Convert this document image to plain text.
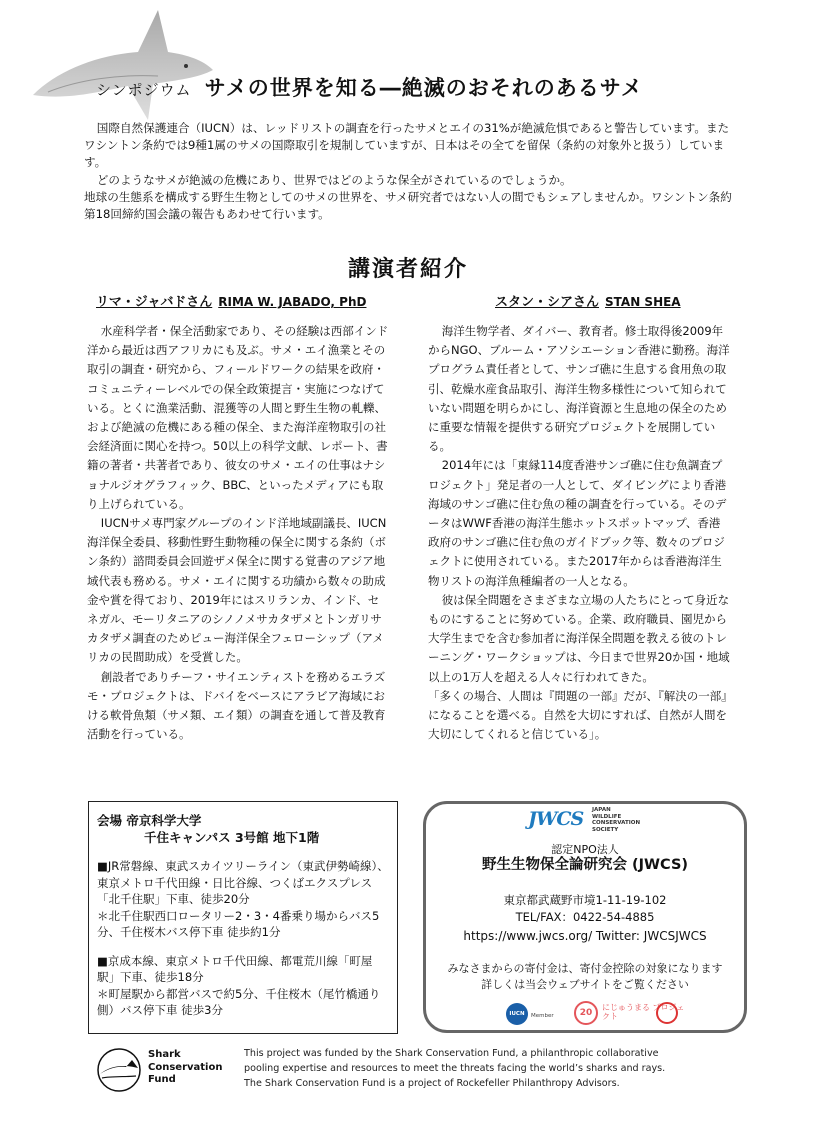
シンポジウム サメの世界を知る―絶滅のおそれのあるサメ

国際自然保護連合（IUCN）は、レッドリストの調査を行ったサメとエイの31%が絶滅危惧であると警告しています。またワシントン条約では9種1属のサメの国際取引を規制していますが、日本はその全てを留保（条約の対象外と扱う）しています。

どのようなサメが絶滅の危機にあり、世界ではどのような保全がされているのでしょうか。

地球の生態系を構成する野生生物としてのサメの世界を、サメ研究者ではない人の間でもシェアしませんか。ワシントン条約第18回締約国会議の報告もあわせて行います。

講演者紹介
リマ・ジャバドさん RIMA W. JABADO, PhD	スタン・シアさん STAN SHEA

水産科学者・保全活動家であり、その経験は西部インド洋から最近は西アフリカにも及ぶ。サメ・エイ漁業とその取引の調査・研究から、フィールドワークの結果を政府・コミュニティーレベルでの保全政策提言・実施につなげている。とくに漁業活動、混獲等の人間と野生生物の軋轢、および絶滅の危機にある種の保全、また海洋産物取引の社会経済面に関心を持つ。50以上の科学文献、レポート、書籍の著者・共著者であり、彼女のサメ・エイの仕事はナショナルジオグラフィック、BBC、といったメディアにも取り上げられている。

IUCNサメ専門家グループのインド洋地域副議長、IUCN海洋保全委員、移動性野生動物種の保全に関する条約（ボン条約）諮問委員会回遊ザメ保全に関する覚書のアジア地域代表も務める。サメ・エイに関する功績から数々の助成金や賞を得ており、2019年にはスリランカ、インド、セネガル、モーリタニアのシノノメサカタザメとトンガリサカタザメ調査のためピュー海洋保全フェローシップ（アメリカの民間助成）を受賞した。

創設者でありチーフ・サイエンティストを務めるエラズモ・プロジェクトは、ドバイをベースにアラビア海域における軟骨魚類（サメ類、エイ類）の調査を通して普及教育活動を行っている。

海洋生物学者、ダイバー、教育者。修士取得後2009年からNGO、ブルーム・アソシエーション香港に勤務。海洋プログラム責任者として、サンゴ礁に生息する食用魚の取引、乾燥水産食品取引、海洋生物多様性について知られていない問題を明らかにし、海洋資源と生息地の保全のために重要な情報を提供する研究プロジェクトを展開している。

2014年には「東縁114度香港サンゴ礁に住む魚調査プロジェクト」発足者の一人として、ダイビングにより香港海域のサンゴ礁に住む魚の種の調査を行っている。そのデータはWWF香港の海洋生態ホットスポットマップ、香港政府のサンゴ礁に住む魚のガイドブック等、数々のプロジェクトに使用されている。また2017年からは香港海洋生物リストの海洋魚種編者の一人となる。

彼は保全問題をさまざまな立場の人たちにとって身近なものにすることに努めている。企業、政府職員、園児から大学生までを含む参加者に海洋保全問題を教える彼のトレーニング・ワークショップは、今日まで世界20か国・地域以上の1万人を超える人々に行われてきた。

「多くの場合、人間は『問題の一部』だが、『解決の一部』になることを選べる。自然を大切にすれば、自然が人間を大切にしてくれると信じている」。

会場 帝京科学大学
千住キャンパス 3号館 地下1階

■JR常磐線、東武スカイツリーライン（東武伊勢崎線）、東京メトロ千代田線・日比谷線、つくばエクスプレス「北千住駅」下車、徒歩20分

＊北千住駅西口ロータリー2・3・4番乗り場からバス5分、千住桜木バス停下車 徒歩約1分

■京成本線、東京メトロ千代田線、都電荒川線「町屋駅」下車、徒歩18分

＊町屋駅から都営バスで約5分、千住桜木（尾竹橋通り側）バス停下車 徒歩3分

JWCS JAPAN
WILDLIFE
CONSERVATION
SOCIETY
認定NPO法人
野生生物保全論研究会 (JWCS)
東京都武蔵野市境1-11-19-102
TEL/FAX：0422-54-4885
https://www.jwcs.org/ Twitter: JWCSJWCS
みなさまからの寄付金は、寄付金控除の対象になります
詳しくは当会ウェブサイトをご覧ください
IUCN	Member	20
にじゅうまる プロジェクト
Shark
Conservation
Fund

This project was funded by the Shark Conservation Fund, a philanthropic collaborative

pooling expertise and resources to meet the threats facing the world’s sharks and rays.

The Shark Conservation Fund is a project of Rockefeller Philanthropy Advisors.
